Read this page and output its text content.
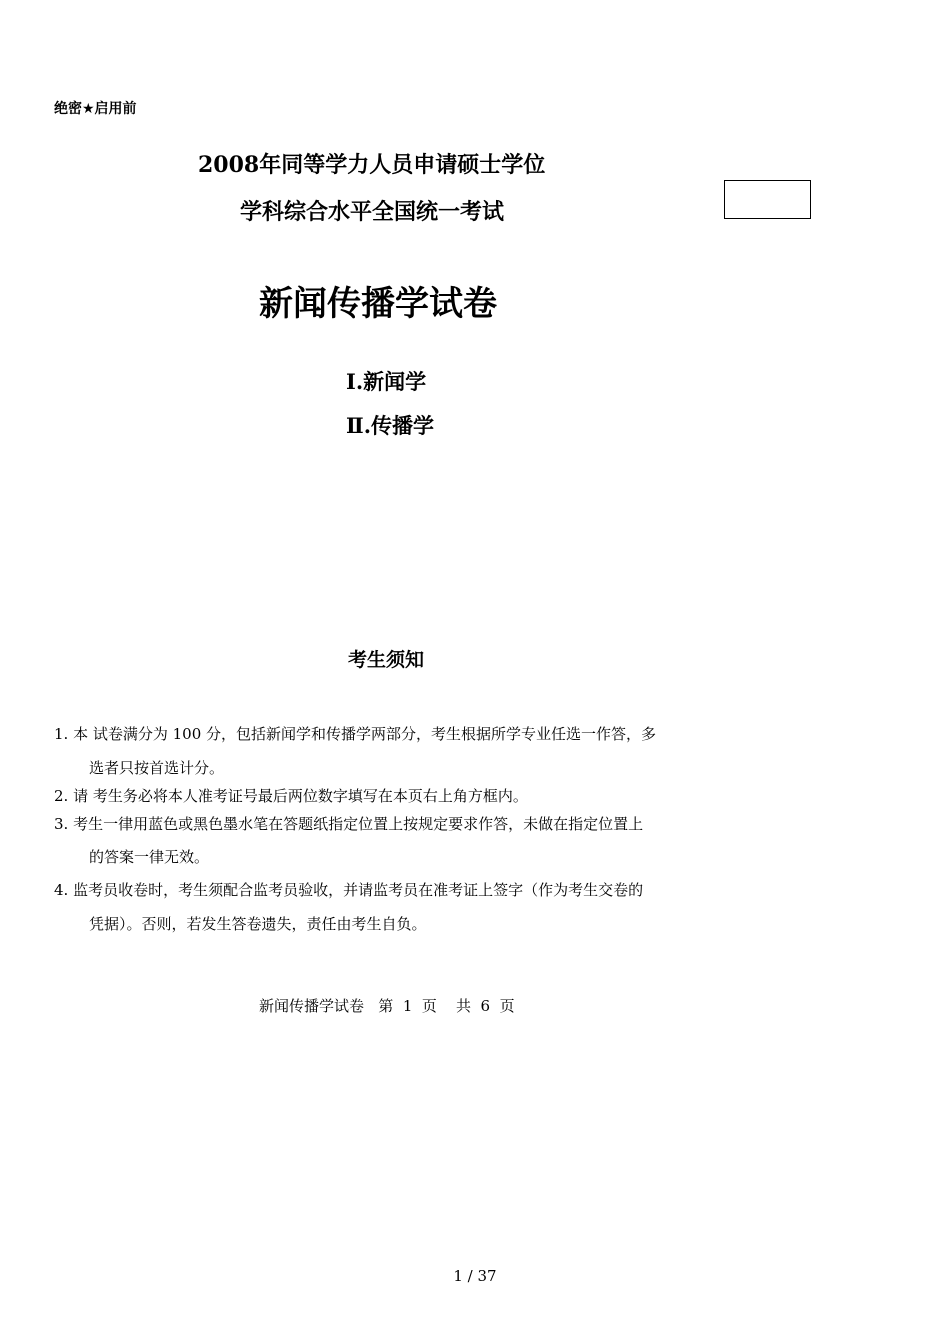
绝密★启用前
2008年同等学力人员申请硕士学位
学科综合水平全国统一考试
新闻传播学试卷
Ⅰ.新闻学
Ⅱ.传播学
考生须知
1. 本 试卷满分为 100 分，包括新闻学和传播学两部分，考生根据所学专业任选一作答，多
选者只按首选计分。
2. 请 考生务必将本人准考证号最后两位数字填写在本页右上角方框内。
3. 考生一律用蓝色或黑色墨水笔在答题纸指定位置上按规定要求作答，未做在指定位置上
的答案一律无效。
4. 监考员收卷时，考生须配合监考员验收，并请监考员在准考证上签字（作为考生交卷的
凭据）。否则，若发生答卷遗失，责任由考生自负。
新闻传播学试卷   第  1  页    共  6  页
1 / 37
